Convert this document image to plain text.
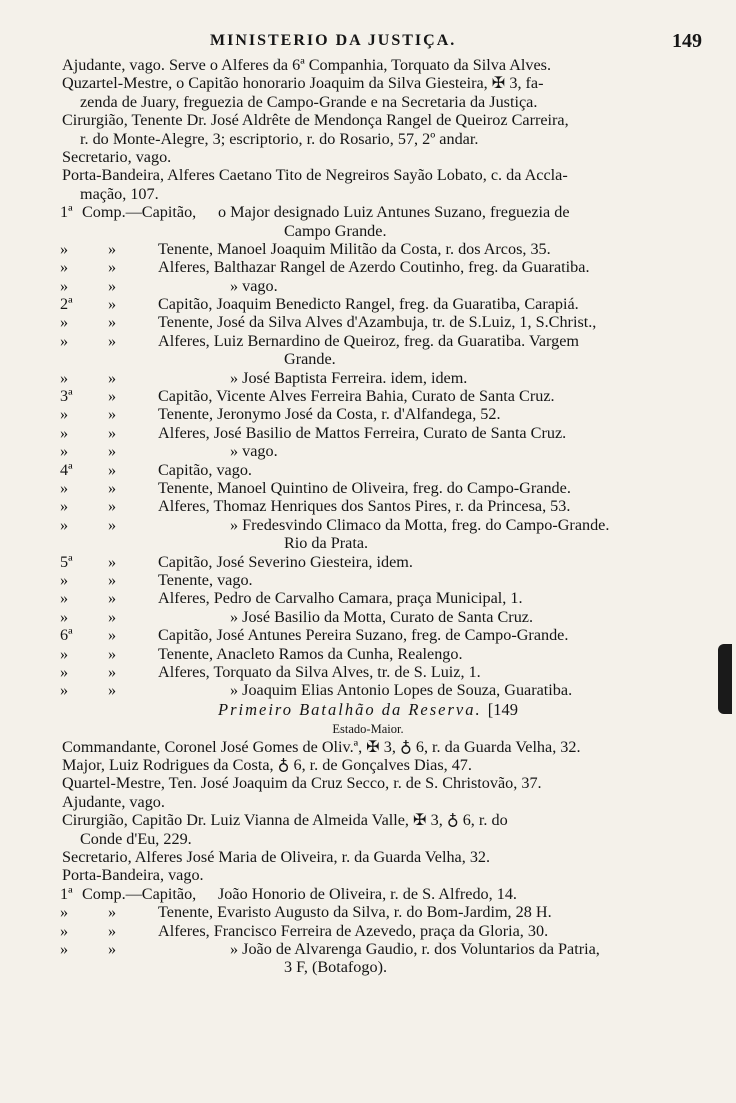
MINISTERIO DA JUSTIÇA.	149
Ajudante, vago. Serve o Alferes da 6ª Companhia, Torquato da Silva Alves.
Quzartel-Mestre, o Capitão honorario Joaquim da Silva Giesteira, ✠ 3, fa-
zenda de Juary, freguezia de Campo-Grande e na Secretaria da Justiça.
Cirurgião, Tenente Dr. José Aldrête de Mendonça Rangel de Queiroz Carreira,
r. do Monte-Alegre, 3; escriptorio, r. do Rosario, 57, 2º andar.
Secretario, vago.
Porta-Bandeira, Alferes Caetano Tito de Negreiros Sayão Lobato, c. da Accla-
mação, 107.
1ª Comp.—Capitão, o Major designado Luiz Antunes Suzano, freguezia de
Campo Grande.
» »	Tenente, Manoel Joaquim Militão da Costa, r. dos Arcos, 35.
» »	Alferes, Balthazar Rangel de Azerdo Coutinho, freg. da Guaratiba.
» »	» vago.
2ª »	Capitão, Joaquim Benedicto Rangel, freg. da Guaratiba, Carapiá.
» »	Tenente, José da Silva Alves d'Azambuja, tr. de S.Luiz, 1, S.Christ.,
» »	Alferes, Luiz Bernardino de Queiroz, freg. da Guaratiba. Vargem
Grande.
» »	» José Baptista Ferreira. idem, idem.
3ª »	Capitão, Vicente Alves Ferreira Bahia, Curato de Santa Cruz.
» »	Tenente, Jeronymo José da Costa, r. d'Alfandega, 52.
» »	Alferes, José Basilio de Mattos Ferreira, Curato de Santa Cruz.
» »	» vago.
4ª »	Capitão, vago.
» »	Tenente, Manoel Quintino de Oliveira, freg. do Campo-Grande.
» »	Alferes, Thomaz Henriques dos Santos Pires, r. da Princesa, 53.
» »	» Fredesvindo Climaco da Motta, freg. do Campo-Grande.
Rio da Prata.
5ª »	Capitão, José Severino Giesteira, idem.
» »	Tenente, vago.
» »	Alferes, Pedro de Carvalho Camara, praça Municipal, 1.
» »	» José Basilio da Motta, Curato de Santa Cruz.
6ª »	Capitão, José Antunes Pereira Suzano, freg. de Campo-Grande.
» »	Tenente, Anacleto Ramos da Cunha, Realengo.
» »	Alferes, Torquato da Silva Alves, tr. de S. Luiz, 1.
» »	» Joaquim Elias Antonio Lopes de Souza, Guaratiba.
Primeiro Batalhão da Reserva. [149
Estado-Maior.
Commandante, Coronel José Gomes de Oliv.ª, ✠ 3, ♁ 6, r. da Guarda Velha, 32.
Major, Luiz Rodrigues da Costa, ♁ 6, r. de Gonçalves Dias, 47.
Quartel-Mestre, Ten. José Joaquim da Cruz Secco, r. de S. Christovão, 37.
Ajudante, vago.
Cirurgião, Capitão Dr. Luiz Vianna de Almeida Valle, ✠ 3, ♁ 6, r. do
Conde d'Eu, 229.
Secretario, Alferes José Maria de Oliveira, r. da Guarda Velha, 32.
Porta-Bandeira, vago.
1ª Comp.—Capitão, João Honorio de Oliveira, r. de S. Alfredo, 14.
» »	Tenente, Evaristo Augusto da Silva, r. do Bom-Jardim, 28 H.
» »	Alferes, Francisco Ferreira de Azevedo, praça da Gloria, 30.
» »	» João de Alvarenga Gaudio, r. dos Voluntarios da Patria,
3 F, (Botafogo).
